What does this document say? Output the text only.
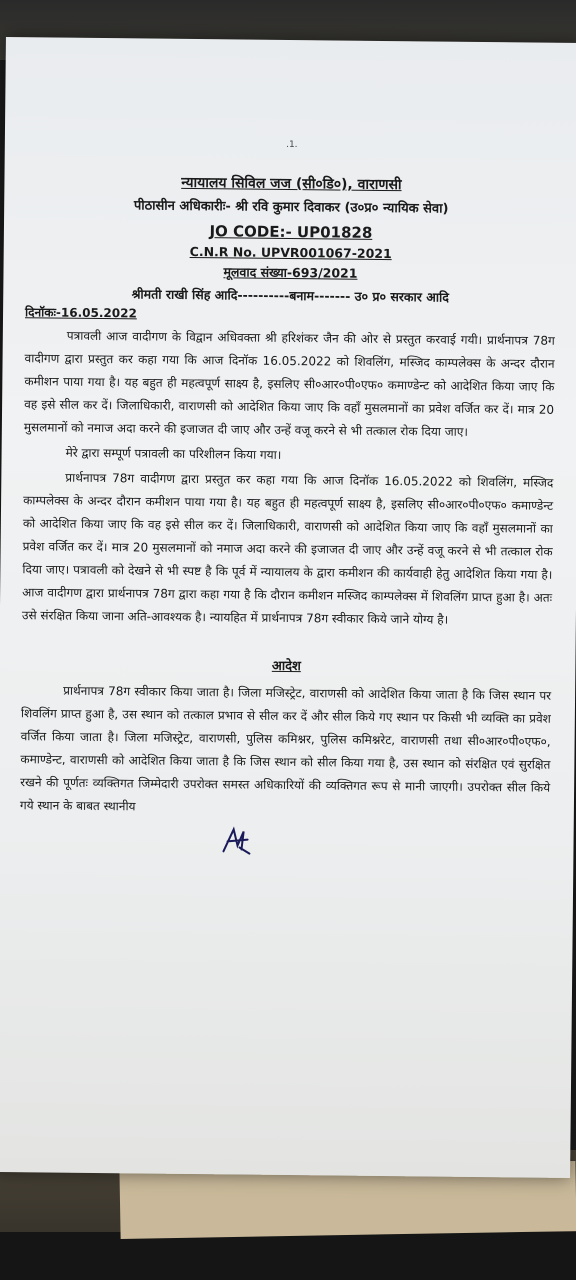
.1.
न्यायालय सिविल जज (सी०डि०), वाराणसी
पीठासीन अधिकारीः- श्री रवि कुमार दिवाकर (उ०प्र० न्यायिक सेवा)
JO CODE:- UP01828
C.N.R No. UPVR001067-2021
मूलवाद संख्या-693/2021
श्रीमती राखी सिंह आदि----------बनाम------- उ० प्र० सरकार आदि
दिनॉकः-16.05.2022

पत्रावली आज वादीगण के विद्वान अधिवक्ता श्री हरिशंकर जैन की ओर से प्रस्तुत करवाई गयी। प्रार्थनापत्र 78ग वादीगण द्वारा प्रस्तुत कर कहा गया कि आज दिनॉक 16.05.2022 को शिवलिंग, मस्जिद काम्पलेक्स के अन्दर दौरान कमीशन पाया गया है। यह बहुत ही महत्वपूर्ण साक्ष्य है, इसलिए सी०आर०पी०एफ० कमाण्डेन्ट को आदेशित किया जाए कि वह इसे सील कर दें। जिलाधिकारी, वाराणसी को आदेशित किया जाए कि वहाँ मुसलमानों का प्रवेश वर्जित कर दें। मात्र 20 मुसलमानों को नमाज अदा करने की इजाजत दी जाए और उन्हें वजू करने से भी तत्काल रोक दिया जाए।

मेरे द्वारा सम्पूर्ण पत्रावली का परिशीलन किया गया।

प्रार्थनापत्र 78ग वादीगण द्वारा प्रस्तुत कर कहा गया कि आज दिनॉक 16.05.2022 को शिवलिंग, मस्जिद काम्पलेक्स के अन्दर दौरान कमीशन पाया गया है। यह बहुत ही महत्वपूर्ण साक्ष्य है, इसलिए सी०आर०पी०एफ० कमाण्डेन्ट को आदेशित किया जाए कि वह इसे सील कर दें। जिलाधिकारी, वाराणसी को आदेशित किया जाए कि वहाँ मुसलमानों का प्रवेश वर्जित कर दें। मात्र 20 मुसलमानों को नमाज अदा करने की इजाजत दी जाए और उन्हें वजू करने से भी तत्काल रोक दिया जाए। पत्रावली को देखने से भी स्पष्ट है कि पूर्व में न्यायालय के द्वारा कमीशन की कार्यवाही हेतु आदेशित किया गया है। आज वादीगण द्वारा प्रार्थनापत्र 78ग द्वारा कहा गया है कि दौरान कमीशन मस्जिद काम्पलेक्स में शिवलिंग प्राप्त हुआ है। अतः उसे संरक्षित किया जाना अति-आवश्यक है। न्यायहित में प्रार्थनापत्र 78ग स्वीकार किये जाने योग्य है।

आदेश

प्रार्थनापत्र 78ग स्वीकार किया जाता है। जिला मजिस्ट्रेट, वाराणसी को आदेशित किया जाता है कि जिस स्थान पर शिवलिंग प्राप्त हुआ है, उस स्थान को तत्काल प्रभाव से सील कर दें और सील किये गए स्थान पर किसी भी व्यक्ति का प्रवेश वर्जित किया जाता है। जिला मजिस्ट्रेट, वाराणसी, पुलिस कमिश्नर, पुलिस कमिश्नरेट, वाराणसी तथा सी०आर०पी०एफ०, कमाण्डेन्ट, वाराणसी को आदेशित किया जाता है कि जिस स्थान को सील किया गया है, उस स्थान को संरक्षित एवं सुरक्षित रखने की पूर्णतः व्यक्तिगत जिम्मेदारी उपरोक्त समस्त अधिकारियों की व्यक्तिगत रूप से मानी जाएगी। उपरोक्त सील किये गये स्थान के बाबत स्थानीय
